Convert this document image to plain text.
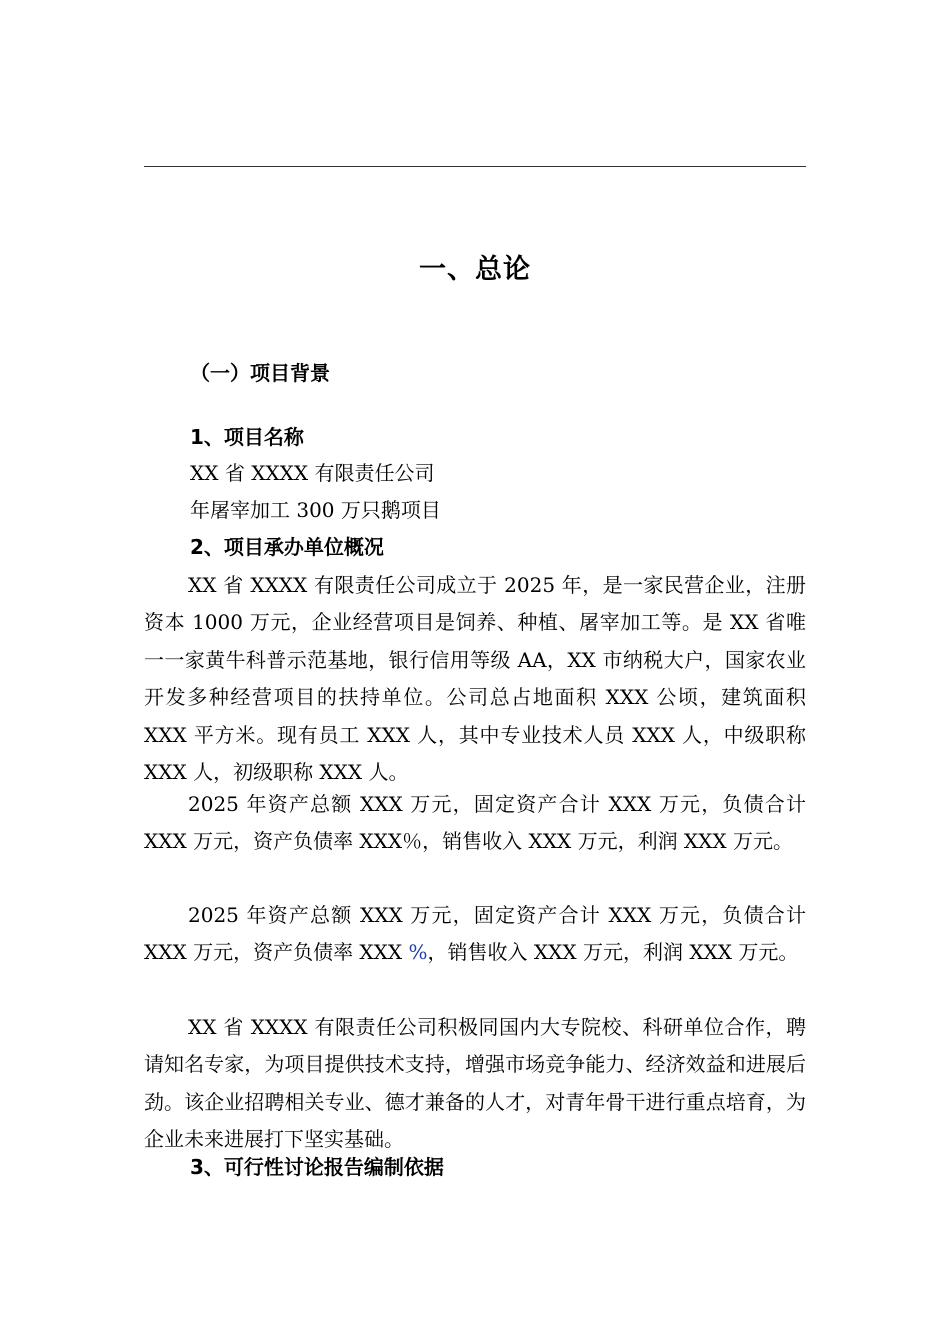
一、总论
（一）项目背景
1、项目名称
XX 省 XXXX 有限责任公司
年屠宰加工 300 万只鹅项目
2、项目承办单位概况

XX 省 XXXX 有限责任公司成立于 2025 年，是一家民营企业，注册资本 1000 万元，企业经营项目是饲养、种植、屠宰加工等。是 XX 省唯一一家黄牛科普示范基地，银行信用等级 AA，XX 市纳税大户，国家农业开发多种经营项目的扶持单位。公司总占地面积 XXX 公顷，建筑面积 XXX 平方米。现有员工 XXX 人，其中专业技术人员 XXX 人，中级职称 XXX 人，初级职称 XXX 人。

2025 年资产总额 XXX 万元，固定资产合计 XXX 万元，负债合计 XXX 万元，资产负债率 XXX％，销售收入 XXX 万元，利润 XXX 万元。

2025 年资产总额 XXX 万元，固定资产合计 XXX 万元，负债合计 XXX 万元，资产负债率 XXX %，销售收入 XXX 万元，利润 XXX 万元。

XX 省 XXXX 有限责任公司积极同国内大专院校、科研单位合作，聘请知名专家，为项目提供技术支持，增强市场竞争能力、经济效益和进展后劲。该企业招聘相关专业、德才兼备的人才，对青年骨干进行重点培育，为企业未来进展打下坚实基础。

3、可行性讨论报告编制依据
